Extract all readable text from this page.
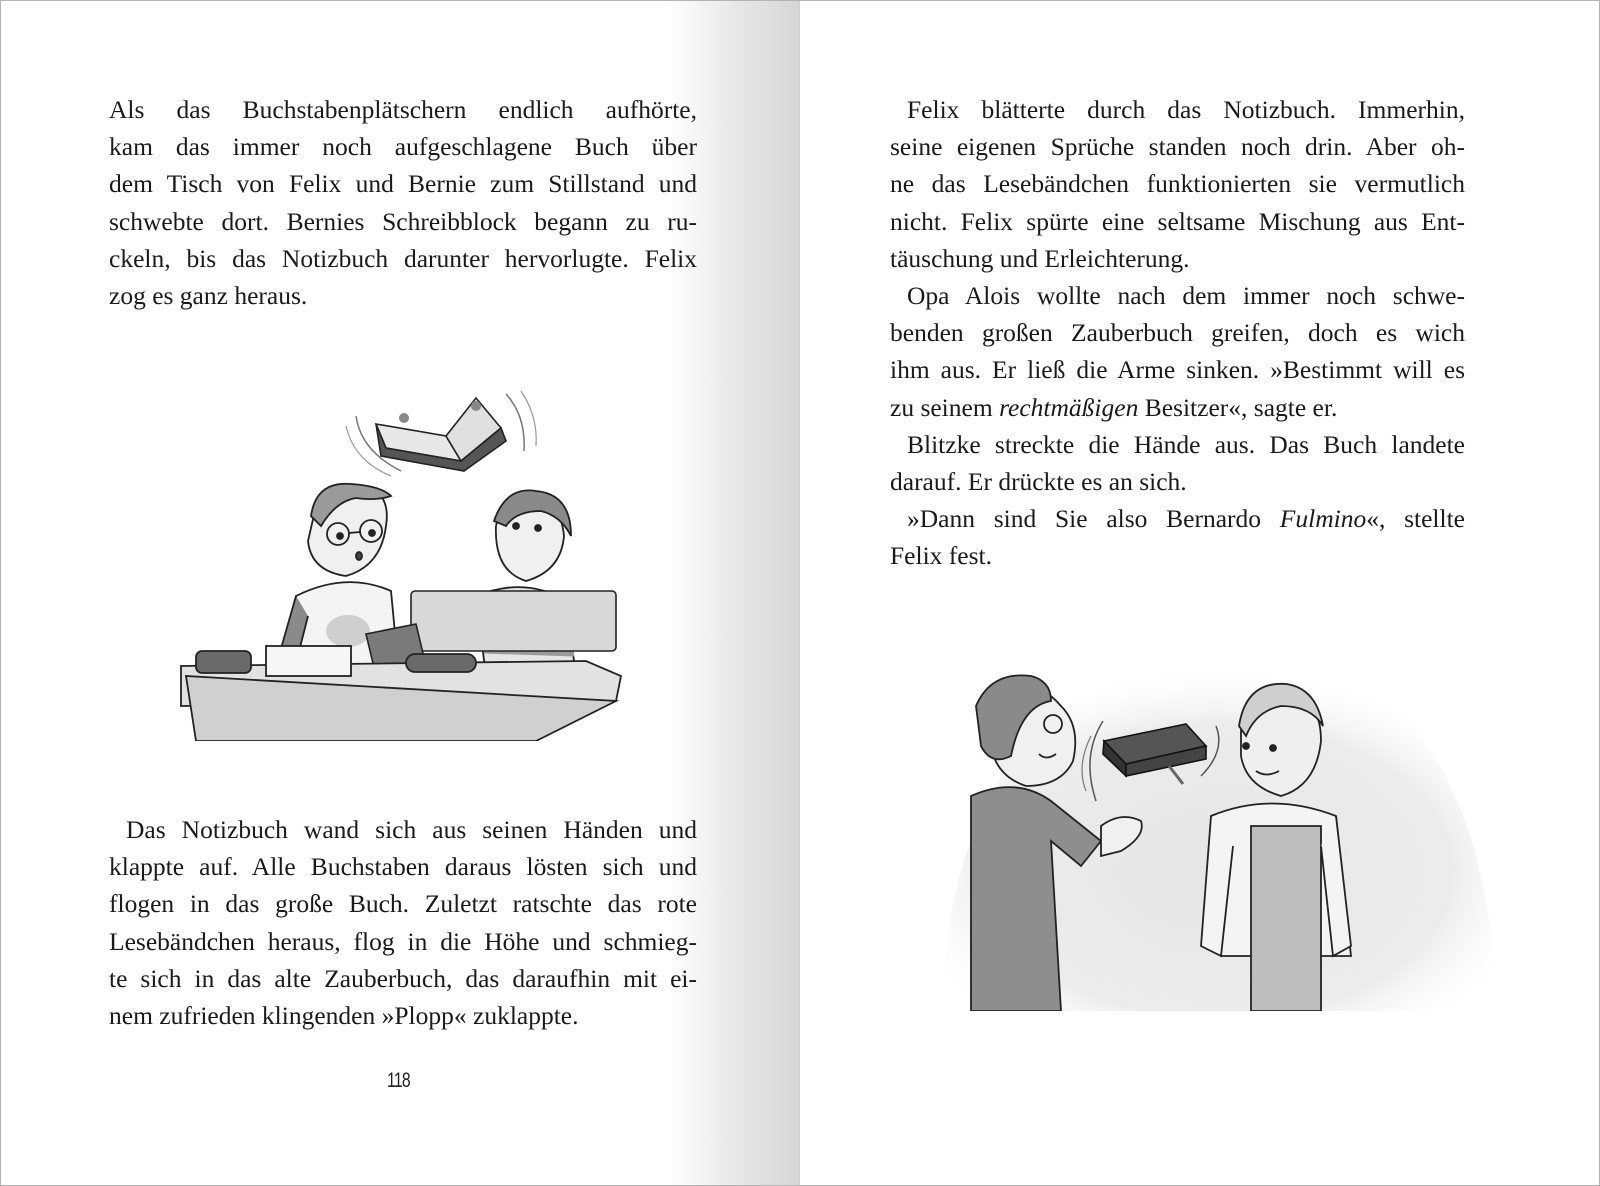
Als das Buchstabenplätschern endlich aufhörte,
kam das immer noch aufgeschlagene Buch über
dem Tisch von Felix und Bernie zum Stillstand und
schwebte dort. Bernies Schreibblock begann zu ru-
ckeln, bis das Notizbuch darunter hervorlugte. Felix
zog es ganz heraus.
Das Notizbuch wand sich aus seinen Händen und
klappte auf. Alle Buchstaben daraus lösten sich und
flogen in das große Buch. Zuletzt ratschte das rote
Lesebändchen heraus, flog in die Höhe und schmieg-
te sich in das alte Zauberbuch, das daraufhin mit ei-
nem zufrieden klingenden »Plopp« zuklappte.
118
Felix blätterte durch das Notizbuch. Immerhin,
seine eigenen Sprüche standen noch drin. Aber oh-
ne das Lesebändchen funktionierten sie vermutlich
nicht. Felix spürte eine seltsame Mischung aus Ent-
täuschung und Erleichterung.
Opa Alois wollte nach dem immer noch schwe-
benden großen Zauberbuch greifen, doch es wich
ihm aus. Er ließ die Arme sinken. »Bestimmt will es
zu seinem rechtmäßigen Besitzer«, sagte er.
Blitzke streckte die Hände aus. Das Buch landete
darauf. Er drückte es an sich.
»Dann sind Sie also Bernardo Fulmino«, stellte
Felix fest.
